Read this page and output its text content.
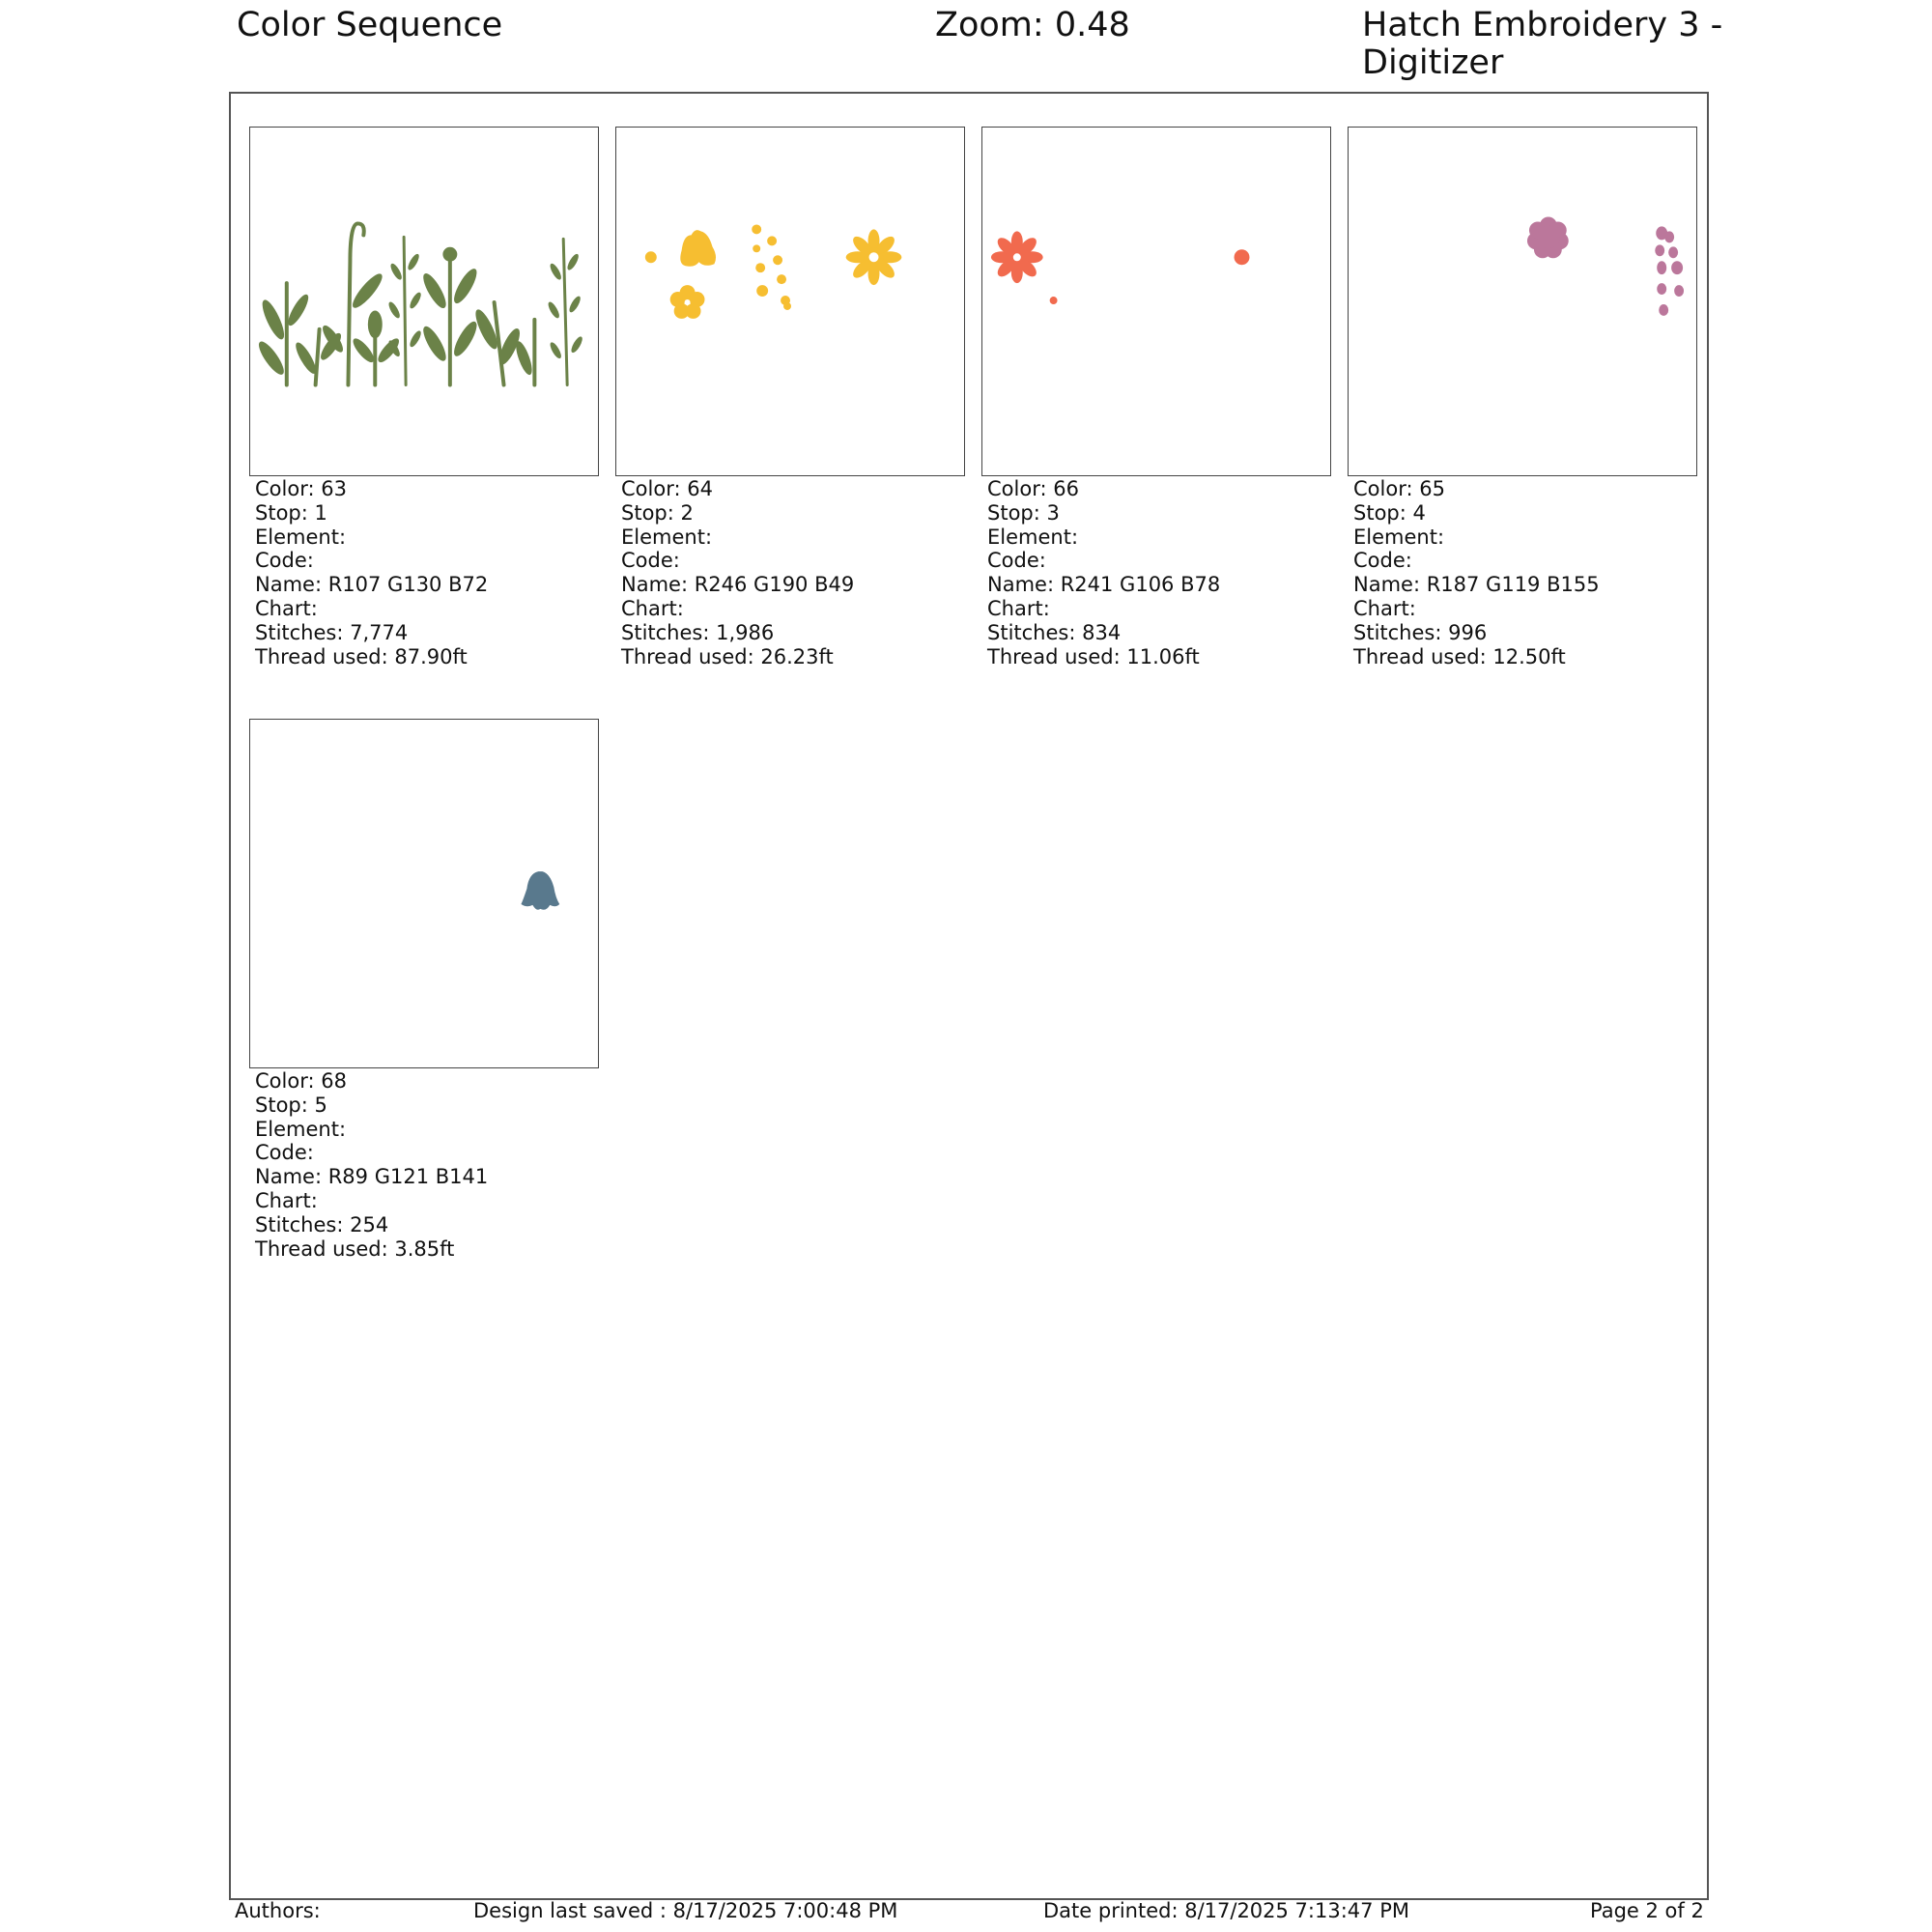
Color Sequence	Zoom: 0.48	Hatch Embroidery 3 - Digitizer
Color: 63
Stop: 1
Element:
Code:
Name: R107 G130 B72
Chart:
Stitches: 7,774
Thread used: 87.90ft
Color: 64
Stop: 2
Element:
Code:
Name: R246 G190 B49
Chart:
Stitches: 1,986
Thread used: 26.23ft
Color: 66
Stop: 3
Element:
Code:
Name: R241 G106 B78
Chart:
Stitches: 834
Thread used: 11.06ft
Color: 65
Stop: 4
Element:
Code:
Name: R187 G119 B155
Chart:
Stitches: 996
Thread used: 12.50ft
Color: 68
Stop: 5
Element:
Code:
Name: R89 G121 B141
Chart:
Stitches: 254
Thread used: 3.85ft
Authors:	Design last saved : 8/17/2025 7:00:48 PM	Date printed: 8/17/2025 7:13:47 PM	Page 2 of 2
